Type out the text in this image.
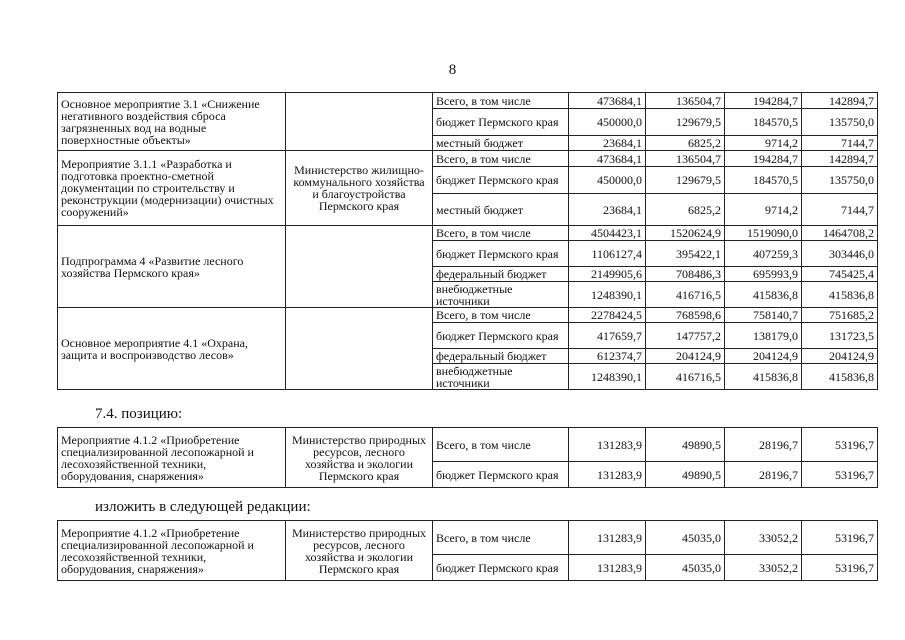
8
Основное мероприятие 3.1 «Снижение негативного воздействия сброса загрязненных вод на водные поверхностные объекты»		Всего, в том числе	473684,1	136504,7	194284,7	142894,7
		бюджет Пермского края	450000,0	129679,5	184570,5	135750,0
		местный бюджет	23684,1	6825,2	9714,2	7144,7
Мероприятие 3.1.1 «Разработка и подготовка проектно-сметной документации по строительству и реконструкции (модернизации) очистных сооружений»	Министерство жилищно-коммунального хозяйства и благоустройства Пермского края	Всего, в том числе	473684,1	136504,7	194284,7	142894,7
		бюджет Пермского края	450000,0	129679,5	184570,5	135750,0
		местный бюджет	23684,1	6825,2	9714,2	7144,7
Подпрограмма 4 «Развитие лесного хозяйства Пермского края»		Всего, в том числе	4504423,1	1520624,9	1519090,0	1464708,2
		бюджет Пермского края	1106127,4	395422,1	407259,3	303446,0
		федеральный бюджет	2149905,6	708486,3	695993,9	745425,4
		внебюджетные источники	1248390,1	416716,5	415836,8	415836,8
Основное мероприятие 4.1 «Охрана, защита и воспроизводство лесов»		Всего, в том числе	2278424,5	768598,6	758140,7	751685,2
		бюджет Пермского края	417659,7	147757,2	138179,0	131723,5
		федеральный бюджет	612374,7	204124,9	204124,9	204124,9
		внебюджетные источники	1248390,1	416716,5	415836,8	415836,8
7.4. позицию:
Мероприятие 4.1.2 «Приобретение специализированной лесопожарной и лесохозяйственной техники, оборудования, снаряжения»	Министерство природных ресурсов, лесного хозяйства и экологии Пермского края	Всего, в том числе	131283,9	49890,5	28196,7	53196,7
		бюджет Пермского края	131283,9	49890,5	28196,7	53196,7
изложить в следующей редакции:
Мероприятие 4.1.2 «Приобретение специализированной лесопожарной и лесохозяйственной техники, оборудования, снаряжения»	Министерство природных ресурсов, лесного хозяйства и экологии Пермского края	Всего, в том числе	131283,9	45035,0	33052,2	53196,7
		бюджет Пермского края	131283,9	45035,0	33052,2	53196,7
